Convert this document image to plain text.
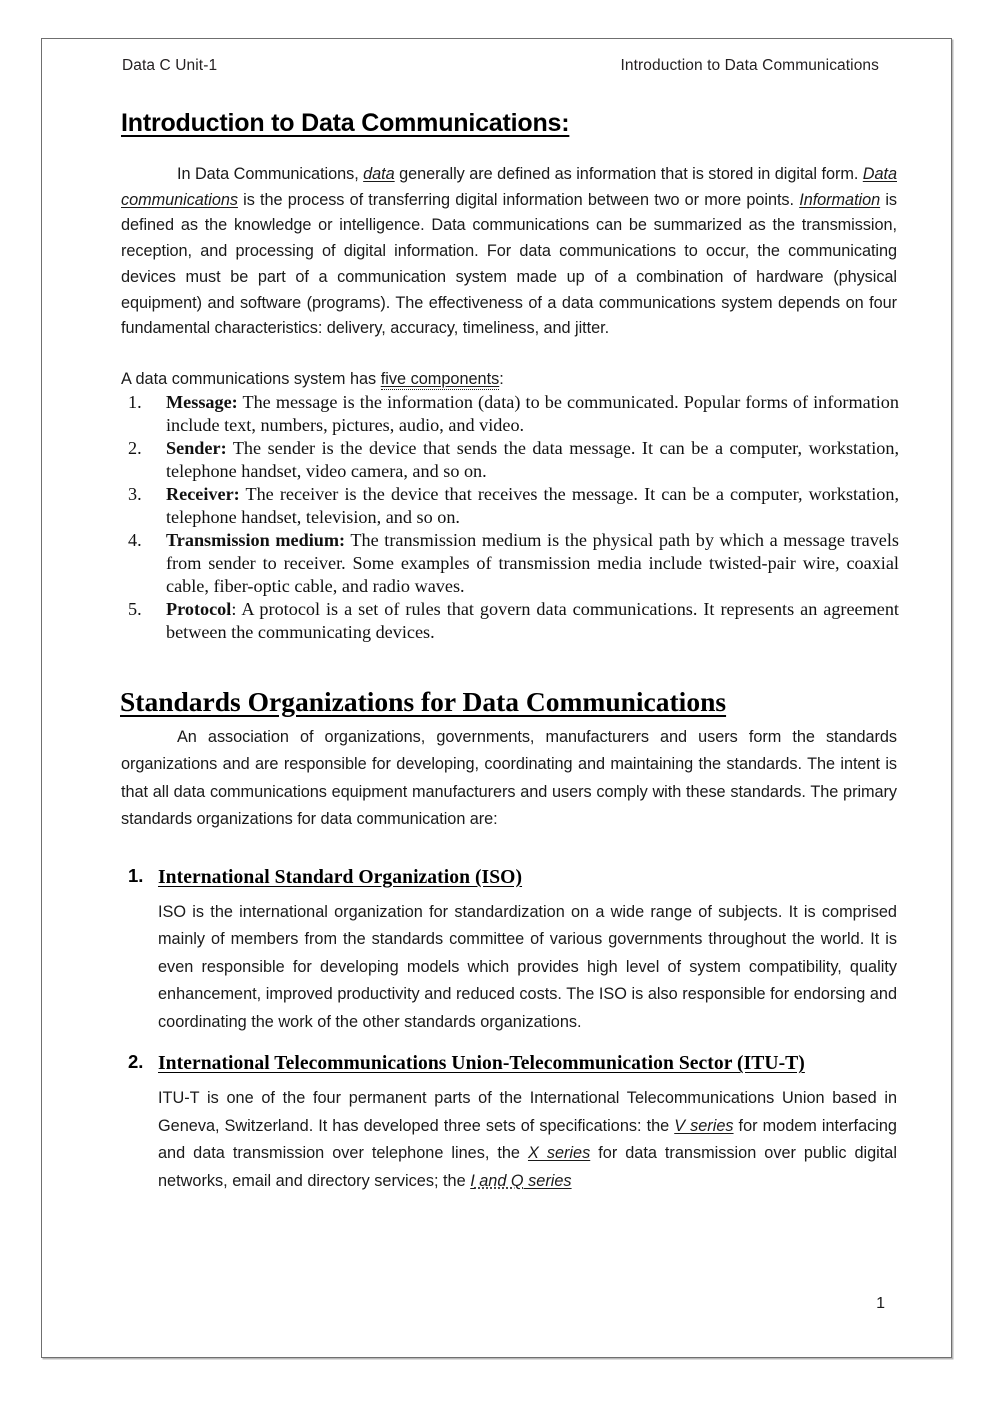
Data C Unit-1	Introduction to Data Communications
Introduction to Data Communications:

In Data Communications, data generally are defined as information that is stored in digital form. Data communications is the process of transferring digital information between two or more points. Information is defined as the knowledge or intelligence. Data communications can be summarized as the transmission, reception, and processing of digital information. For data communications to occur, the communicating devices must be part of a communication system made up of a combination of hardware (physical equipment) and software (programs). The effectiveness of a data communications system depends on four fundamental characteristics: delivery, accuracy, timeliness, and jitter.

A data communications system has five components:

Message: The message is the information (data) to be communicated. Popular forms of information include text, numbers, pictures, audio, and video.
Sender: The sender is the device that sends the data message. It can be a computer, workstation, telephone handset, video camera, and so on.
Receiver: The receiver is the device that receives the message. It can be a computer, workstation, telephone handset, television, and so on.
Transmission medium: The transmission medium is the physical path by which a message travels from sender to receiver. Some examples of transmission media include twisted-pair wire, coaxial cable, fiber-optic cable, and radio waves.
Protocol: A protocol is a set of rules that govern data communications. It represents an agreement between the communicating devices.
Standards Organizations for Data Communications

An association of organizations, governments, manufacturers and users form the standards organizations and are responsible for developing, coordinating and maintaining the standards. The intent is that all data communications equipment manufacturers and users comply with these standards. The primary standards organizations for data communication are:

International Standard Organization (ISO)

ISO is the international organization for standardization on a wide range of subjects. It is comprised mainly of members from the standards committee of various governments throughout the world. It is even responsible for developing models which provides high level of system compatibility, quality enhancement, improved productivity and reduced costs. The ISO is also responsible for endorsing and coordinating the work of the other standards organizations.

International Telecommunications Union-Telecommunication Sector (ITU-T)

ITU-T is one of the four permanent parts of the International Telecommunications Union based in Geneva, Switzerland. It has developed three sets of specifications: the V series for modem interfacing and data transmission over telephone lines, the X series for data transmission over public digital networks, email and directory services; the I and Q series

1
